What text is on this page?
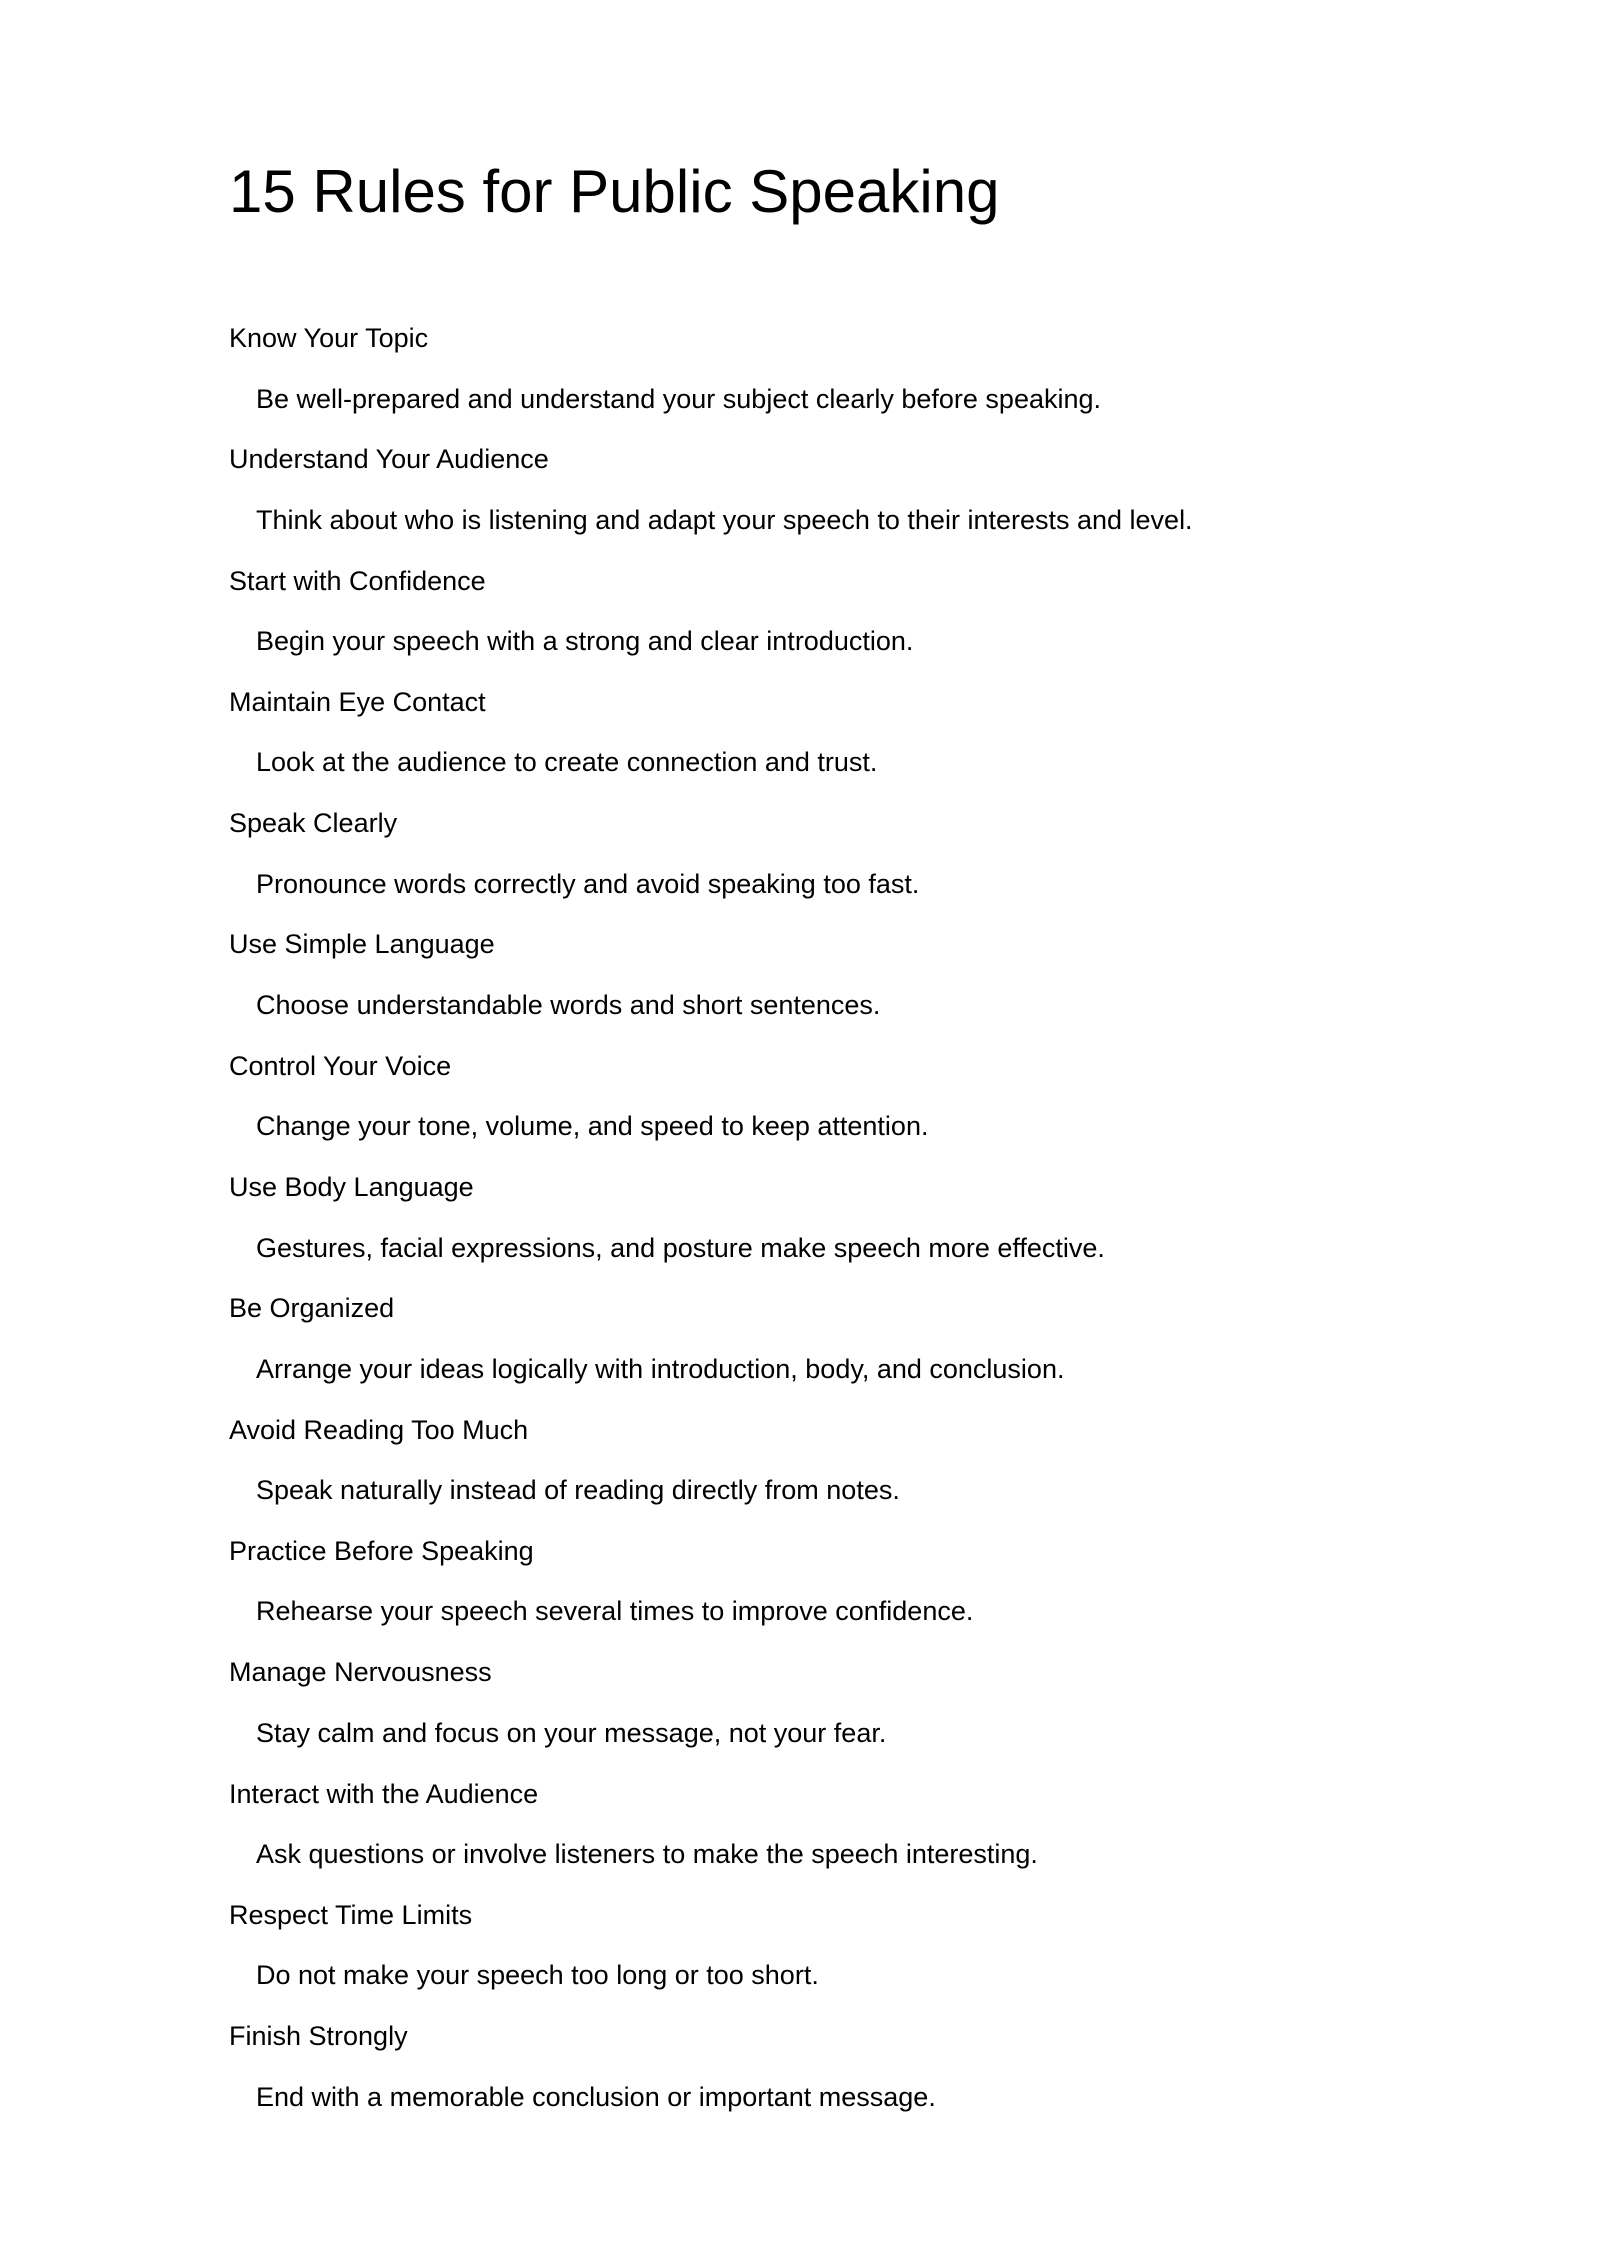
15 Rules for Public Speaking
Know Your Topic
Be well-prepared and understand your subject clearly before speaking.
Understand Your Audience
Think about who is listening and adapt your speech to their interests and level.
Start with Confidence
Begin your speech with a strong and clear introduction.
Maintain Eye Contact
Look at the audience to create connection and trust.
Speak Clearly
Pronounce words correctly and avoid speaking too fast.
Use Simple Language
Choose understandable words and short sentences.
Control Your Voice
Change your tone, volume, and speed to keep attention.
Use Body Language
Gestures, facial expressions, and posture make speech more effective.
Be Organized
Arrange your ideas logically with introduction, body, and conclusion.
Avoid Reading Too Much
Speak naturally instead of reading directly from notes.
Practice Before Speaking
Rehearse your speech several times to improve confidence.
Manage Nervousness
Stay calm and focus on your message, not your fear.
Interact with the Audience
Ask questions or involve listeners to make the speech interesting.
Respect Time Limits
Do not make your speech too long or too short.
Finish Strongly
End with a memorable conclusion or important message.
